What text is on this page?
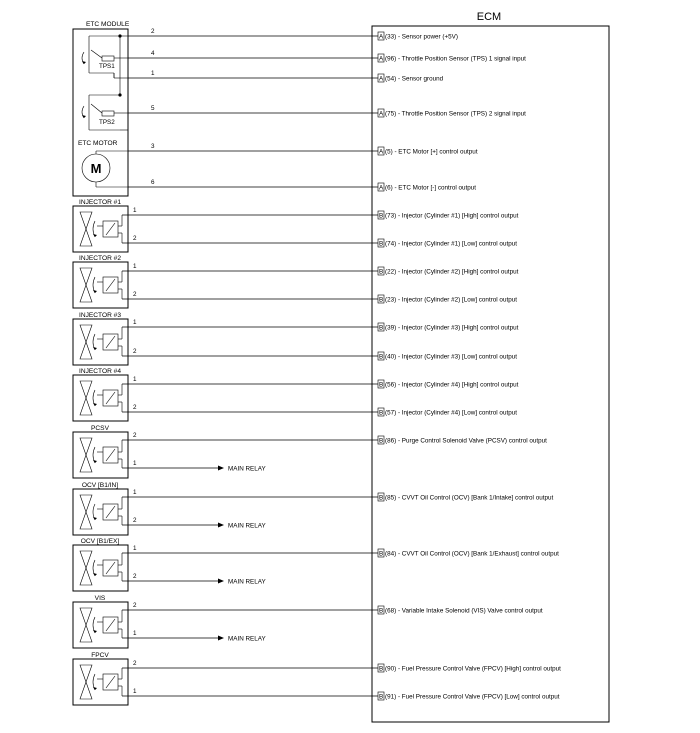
ECM
A (33) - Sensor power (+5V)
A (96) - Throttle Position Sensor (TPS) 1 signal input
A (54) - Sensor ground
A (75) - Throttle Position Sensor (TPS) 2 signal input
A (5) - ETC Motor [+] control output
A (6) - ETC Motor [-] control output
B (73) - Injector (Cylinder #1) [High] control output
B (74) - Injector (Cylinder #1) [Low] control output
B (22) - Injector (Cylinder #2) [High] control output
B (23) - Injector (Cylinder #2) [Low] control output
B (39) - Injector (Cylinder #3) [High] control output
B (40) - Injector (Cylinder #3) [Low] control output
B (56) - Injector (Cylinder #4) [High] control output
B (57) - Injector (Cylinder #4) [Low] control output
B (86) - Purge Control Solenoid Valve (PCSV) control output
B (85) - CVVT Oil Control (OCV) [Bank 1/Intake] control output
B (84) - CVVT Oil Control (OCV) [Bank 1/Exhaust] control output
B (68) - Variable Intake Solenoid (VIS) Valve control output
B (90) - Fuel Pressure Control Valve (FPCV) [High] control output
B (91) - Fuel Pressure Control Valve (FPCV) [Low] control output
ETC MODULE
TPS1
TPS2
ETC MOTOR
M
2
4
1
5
3
6
INJECTOR #1
1
2
INJECTOR #2
1
2
INJECTOR #3
1
2
INJECTOR #4
1
2
PCSV
2
1
MAIN RELAY
OCV [B1/IN]
1
2
MAIN RELAY
OCV [B1/EX]
1
2
MAIN RELAY
VIS
2
1
MAIN RELAY
FPCV
2
1
